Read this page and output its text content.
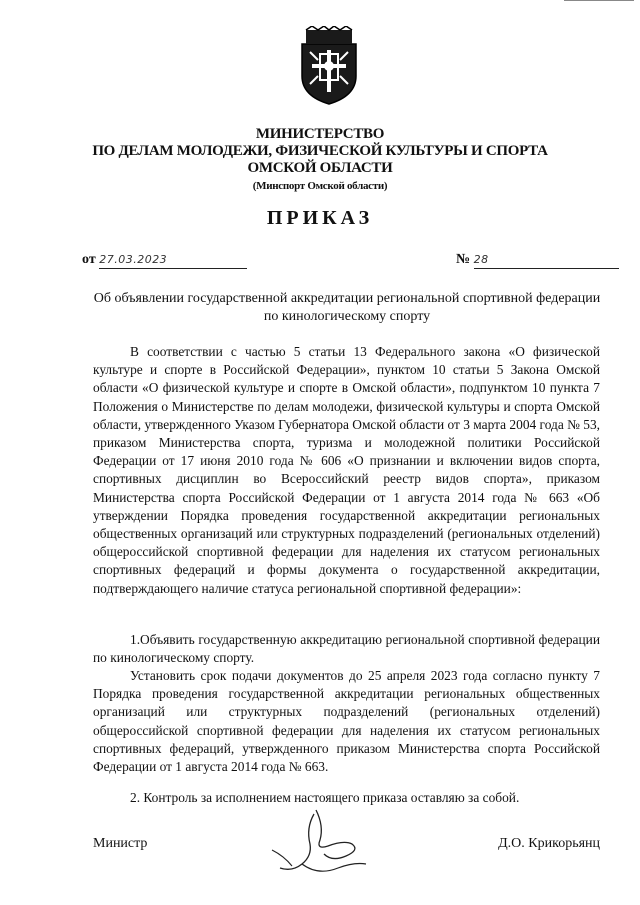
МИНИСТЕРСТВО
ПО ДЕЛАМ МОЛОДЕЖИ, ФИЗИЧЕСКОЙ КУЛЬТУРЫ И СПОРТА
ОМСКОЙ ОБЛАСТИ
(Минспорт Омской области)
ПРИКАЗ
от 27.03.2023	№ 28
Об объявлении государственной аккредитации региональной спортивной федерации по кинологическому спорту

В соответствии с частью 5 статьи 13 Федерального закона «О физической культуре и спорте в Российской Федерации», пунктом 10 статьи 5 Закона Омской области «О физической культуре и спорте в Омской области», подпунктом 10 пункта 7 Положения о Министерстве по делам молодежи, физической культуры и спорта Омской области, утвержденного Указом Губернатора Омской области от 3 марта 2004 года № 53, приказом Министерства спорта, туризма и молодежной политики Российской Федерации от 17 июня 2010 года № 606 «О признании и включении видов спорта, спортивных дисциплин во Всероссийский реестр видов спорта», приказом Министерства спорта Российской Федерации от 1 августа 2014 года № 663 «Об утверждении Порядка проведения государственной аккредитации региональных общественных организаций или структурных подразделений (региональных отделений) общероссийской спортивной федерации для наделения их статусом региональных спортивных федераций и формы документа о государственной аккредитации, подтверждающего наличие статуса региональной спортивной федерации»:

1.Объявить государственную аккредитацию региональной спортивной федерации по кинологическому спорту.

Установить срок подачи документов до 25 апреля 2023 года согласно пункту 7 Порядка проведения государственной аккредитации региональных общественных организаций или структурных подразделений (региональных отделений) общероссийской спортивной федерации для наделения их статусом региональных спортивных федераций, утвержденного приказом Министерства спорта Российской Федерации от 1 августа 2014 года № 663.

2. Контроль за исполнением настоящего приказа оставляю за собой.

Министр	Д.О. Крикорьянц
